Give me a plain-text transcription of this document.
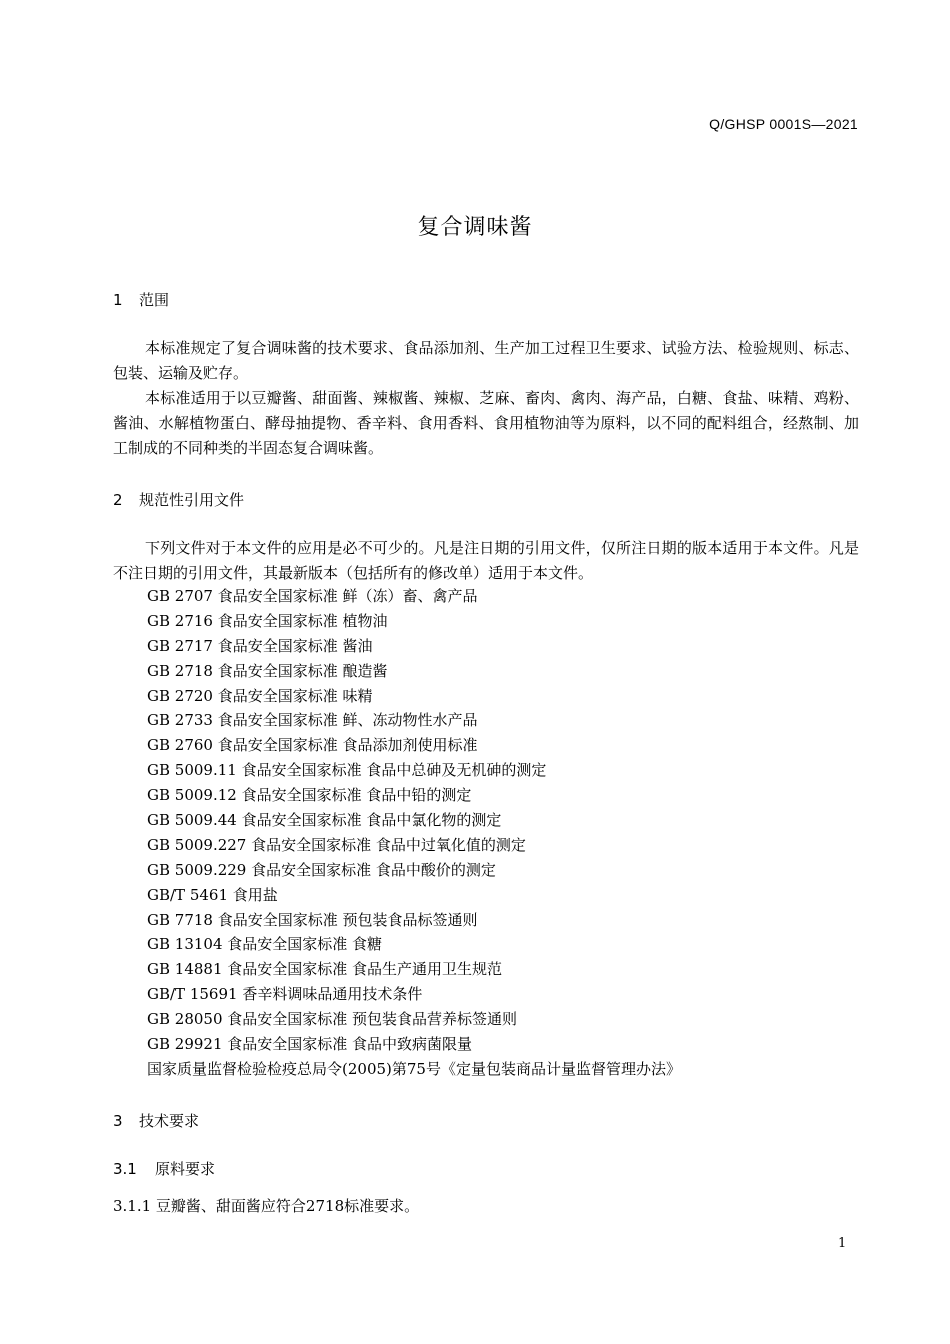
Q/GHSP 0001S—2021
复合调味酱
1 范围

本标准规定了复合调味酱的技术要求、食品添加剂、生产加工过程卫生要求、试验方法、检验规则、标志、包装、运输及贮存。

本标准适用于以豆瓣酱、甜面酱、辣椒酱、辣椒、芝麻、畜肉、禽肉、海产品，白糖、食盐、味精、鸡粉、酱油、水解植物蛋白、酵母抽提物、香辛料、食用香料、食用植物油等为原料，以不同的配料组合，经熬制、加工制成的不同种类的半固态复合调味酱。

2 规范性引用文件

下列文件对于本文件的应用是必不可少的。凡是注日期的引用文件，仅所注日期的版本适用于本文件。凡是不注日期的引用文件，其最新版本（包括所有的修改单）适用于本文件。

GB 2707 食品安全国家标准 鲜（冻）畜、禽产品
GB 2716 食品安全国家标准 植物油
GB 2717 食品安全国家标准 酱油
GB 2718 食品安全国家标准 酿造酱
GB 2720 食品安全国家标准 味精
GB 2733 食品安全国家标准 鲜、冻动物性水产品
GB 2760 食品安全国家标准 食品添加剂使用标准
GB 5009.11 食品安全国家标准 食品中总砷及无机砷的测定
GB 5009.12 食品安全国家标准 食品中铅的测定
GB 5009.44 食品安全国家标准 食品中氯化物的测定
GB 5009.227 食品安全国家标准 食品中过氧化值的测定
GB 5009.229 食品安全国家标准 食品中酸价的测定
GB/T 5461 食用盐
GB 7718 食品安全国家标准 预包装食品标签通则
GB 13104 食品安全国家标准 食糖
GB 14881 食品安全国家标准 食品生产通用卫生规范
GB/T 15691 香辛料调味品通用技术条件
GB 28050 食品安全国家标准 预包装食品营养标签通则
GB 29921 食品安全国家标准 食品中致病菌限量
国家质量监督检验检疫总局令(2005)第75号《定量包装商品计量监督管理办法》
3 技术要求
3.1 原料要求
3.1.1 豆瓣酱、甜面酱应符合2718标准要求。
1
